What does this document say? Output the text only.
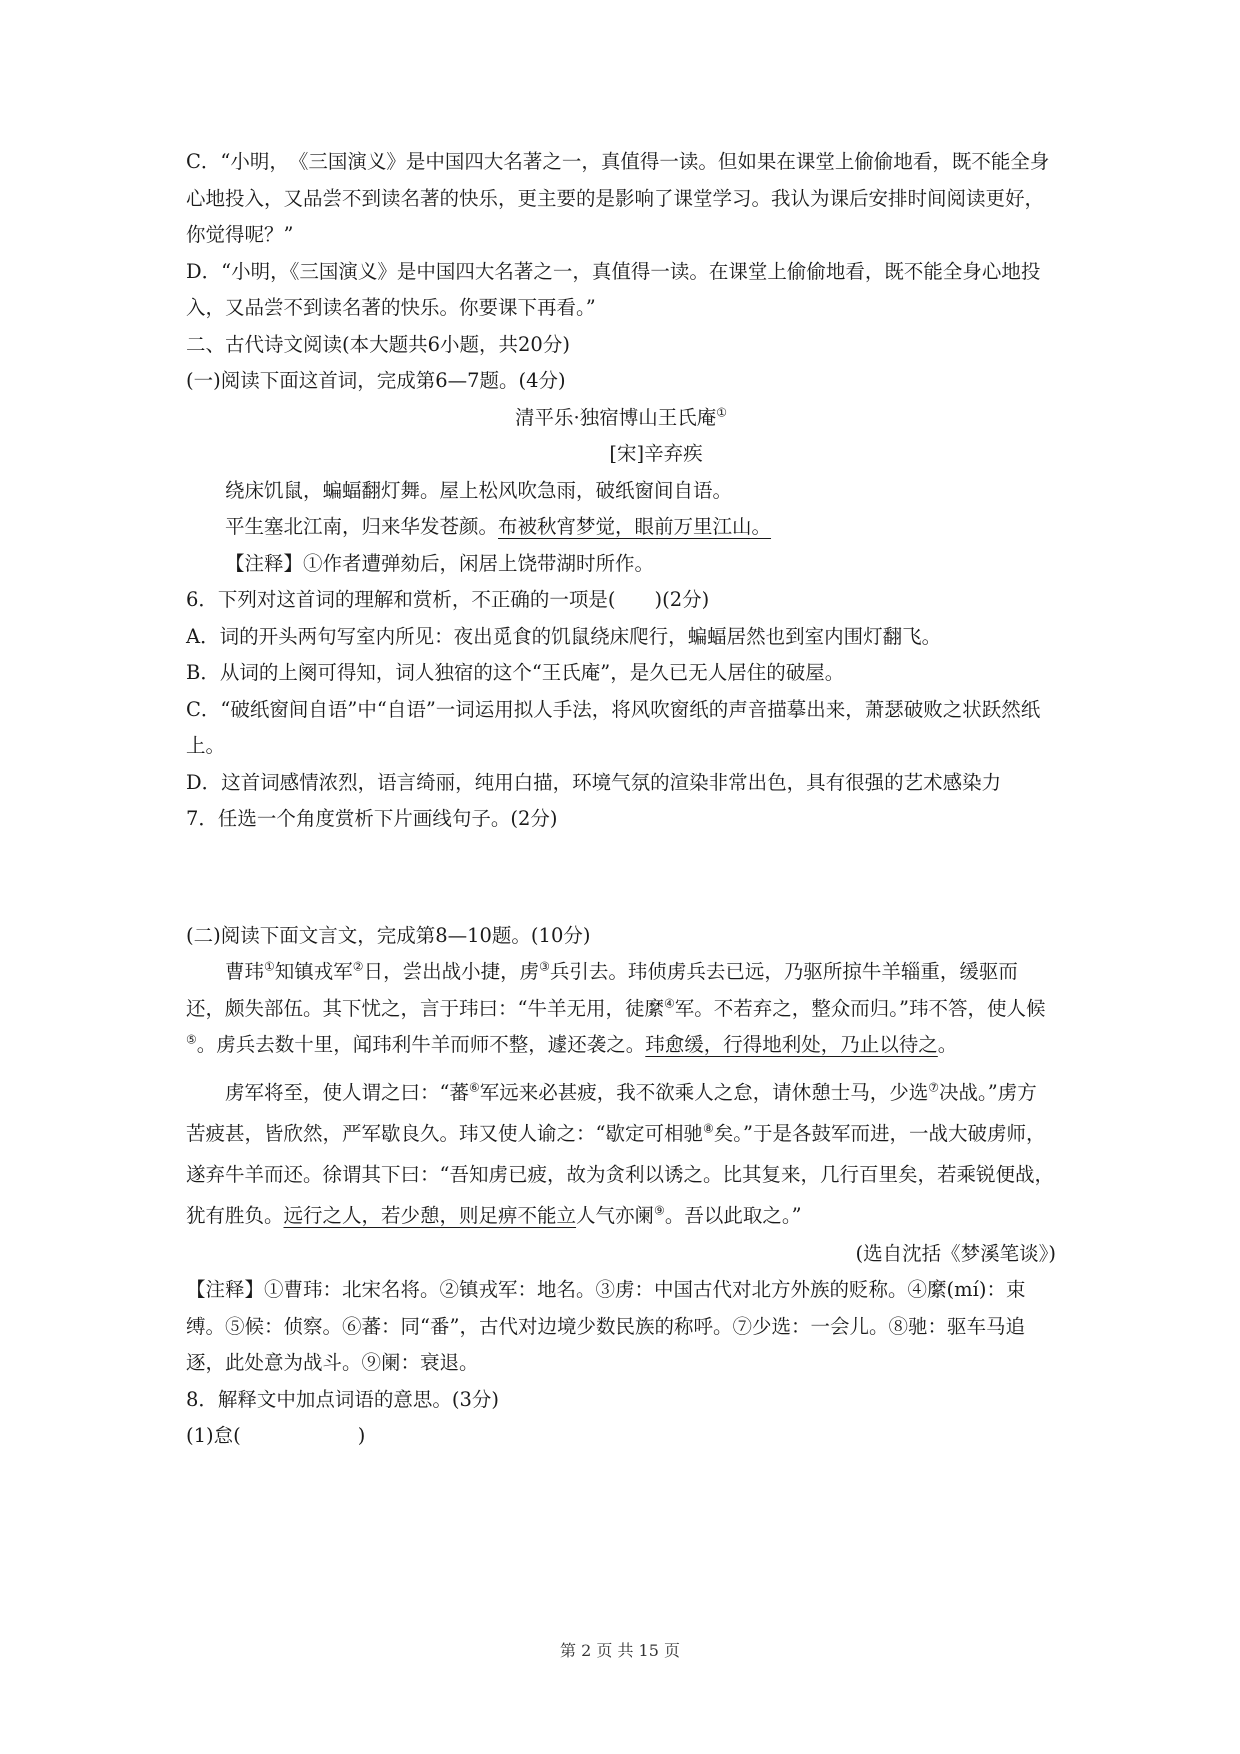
C．“小明，　《三国演义》是中国四大名著之一，真值得一读。但如果在课堂上偷偷地看，既不能全身心地投入，又品尝不到读名著的快乐，更主要的是影响了课堂学习。我认为课后安排时间阅读更好，你觉得呢？”

D．“小明，《三国演义》是中国四大名著之一，真值得一读。在课堂上偷偷地看，既不能全身心地投入，又品尝不到读名著的快乐。你要课下再看。”

二、古代诗文阅读(本大题共6小题，共20分)

(一)阅读下面这首词，完成第6—7题。(4分)

清平乐·独宿博山王氏庵①
[宋]辛弃疾

绕床饥鼠，蝙蝠翻灯舞。屋上松风吹急雨，破纸窗间自语。

平生塞北江南，归来华发苍颜。布被秋宵梦觉，眼前万里江山。

【注释】①作者遭弹劾后，闲居上饶带湖时所作。

6．下列对这首词的理解和赏析，不正确的一项是(　　)(2分)

A．词的开头两句写室内所见：夜出觅食的饥鼠绕床爬行，蝙蝠居然也到室内围灯翻飞。

B．从词的上阕可得知，词人独宿的这个“王氏庵”，是久已无人居住的破屋。

C．“破纸窗间自语”中“自语”一词运用拟人手法，将风吹窗纸的声音描摹出来，萧瑟破败之状跃然纸上。

D．这首词感情浓烈，语言绮丽，纯用白描，环境气氛的渲染非常出色，具有很强的艺术感染力

7．任选一个角度赏析下片画线句子。(2分)

(二)阅读下面文言文，完成第8—10题。(10分)

曹玮①知镇戎军②日，尝出战小捷，虏③兵引去。玮侦虏兵去已远，乃驱所掠牛羊辎重，缓驱而还，颇失部伍。其下忧之，言于玮曰：“牛羊无用，徒縻④军。不若弃之，整众而归。”玮不答，使人候⑤。虏兵去数十里，闻玮利牛羊而师不整，遽还袭之。玮愈缓，行得地利处，乃止以待之。

虏军将至，使人谓之曰：“蕃⑥军远来必甚疲，我不欲乘人之怠，请休憩士马，少选⑦决战。”虏方苦疲甚，皆欣然，严军歇良久。玮又使人谕之：“歇定可相驰⑧矣。”于是各鼓军而进，一战大破虏师，遂弃牛羊而还。徐谓其下曰：“吾知虏已疲，故为贪利以诱之。比其复来，几行百里矣，若乘锐便战，犹有胜负。远行之人，若少憩，则足痹不能立人气亦阑⑨。吾以此取之。”

(选自沈括《梦溪笔谈》)

【注释】①曹玮：北宋名将。②镇戎军：地名。③虏：中国古代对北方外族的贬称。④縻(mí)：束缚。⑤候：侦察。⑥蕃：同“番”，古代对边境少数民族的称呼。⑦少选：一会儿。⑧驰：驱车马追逐，此处意为战斗。⑨阑：衰退。

8．解释文中加点词语的意思。(3分)

(1)怠(　　　　　　)

第 2 页 共 15 页
